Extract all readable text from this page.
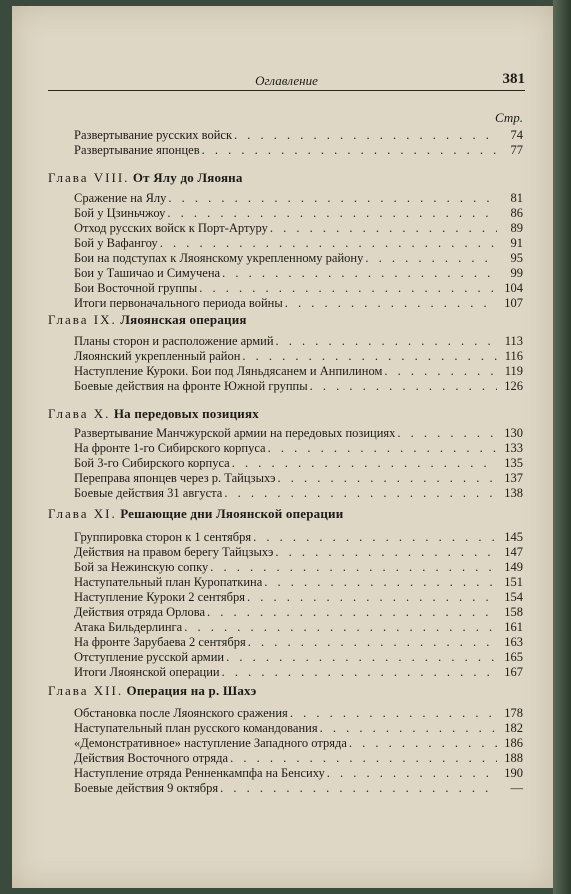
Оглавление	381
Стр.
Развертывание русских войск . . .	74
Развертывание японцев . . .	77
Глава VIII. От Ялу до Ляояна
Сражение на Ялу . . .	81
Бой у Цзиньчжоу . . .	86
Отход русских войск к Порт-Артуру . . .	89
Бой у Вафангоу . . .	91
Бои на подступах к Ляоянскому укрепленному району . . .	95
Бои у Ташичао и Симучена . . .	99
Бои Восточной группы . . .	104
Итоги первоначального периода войны . . .	107
Глава IX. Ляоянская операция
Планы сторон и расположение армий . . .	113
Ляоянский укрепленный район . . .	116
Наступление Куроки. Бои под Ляньдясанем и Анпилином . . .	119
Боевые действия на фронте Южной группы . . .	126
Глава X. На передовых позициях
Развертывание Манчжурской армии на передовых позициях . . .	130
На фронте 1-го Сибирского корпуса . . .	133
Бой 3-го Сибирского корпуса . . .	135
Переправа японцев через р. Тайцзыхэ . . .	137
Боевые действия 31 августа . . .	138
Глава XI. Решающие дни Ляоянской операции
Группировка сторон к 1 сентября . . .	145
Действия на правом берегу Тайцзыхэ . . .	147
Бой за Нежинскую сопку . . .	149
Наступательный план Куропаткина . . .	151
Наступление Куроки 2 сентября . . .	154
Действия отряда Орлова . . .	158
Атака Бильдерлинга . . .	161
На фронте Зарубаева 2 сентября . . .	163
Отступление русской армии . . .	165
Итоги Ляоянской операции . . .	167
Глава XII. Операция на р. Шахэ
Обстановка после Ляоянского сражения . . .	178
Наступательный план русского командования . . .	182
«Демонстративное» наступление Западного отряда . . .	186
Действия Восточного отряда . . .	188
Наступление отряда Ренненкампфа на Бенсиху . . .	190
Боевые действия 9 октября . . .	—
